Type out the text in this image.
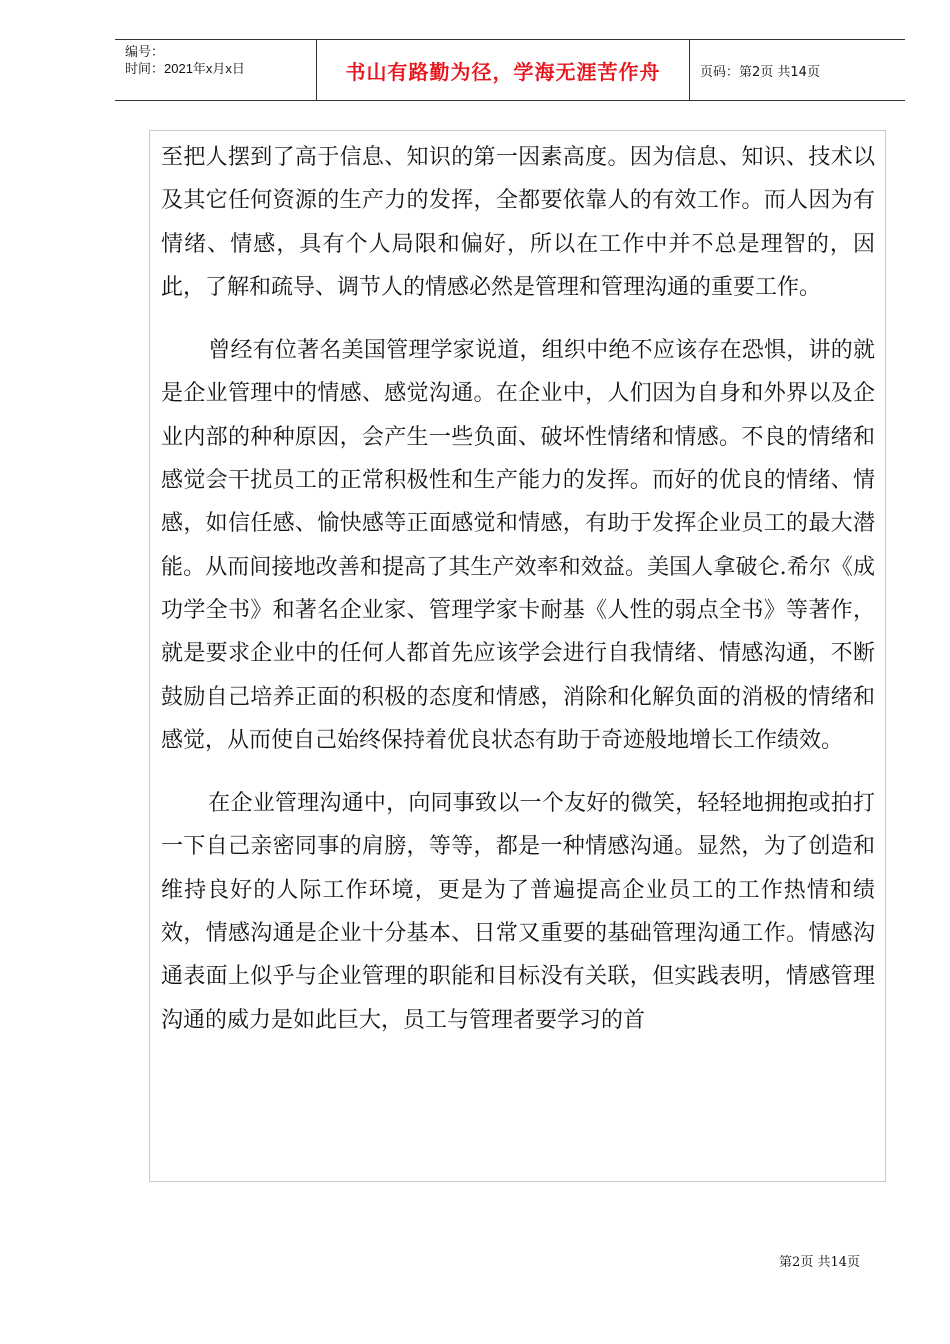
编号：
时间：2021年x月x日	书山有路勤为径，学海无涯苦作舟	页码：第2页 共14页

至把人摆到了高于信息、知识的第一因素高度。因为信息、知识、技术以及其它任何资源的生产力的发挥，全都要依靠人的有效工作。而人因为有情绪、情感，具有个人局限和偏好，所以在工作中并不总是理智的，因此，了解和疏导、调节人的情感必然是管理和管理沟通的重要工作。

曾经有位著名美国管理学家说道，组织中绝不应该存在恐惧，讲的就是企业管理中的情感、感觉沟通。在企业中，人们因为自身和外界以及企业内部的种种原因，会产生一些负面、破坏性情绪和情感。不良的情绪和感觉会干扰员工的正常积极性和生产能力的发挥。而好的优良的情绪、情感，如信任感、愉快感等正面感觉和情感，有助于发挥企业员工的最大潜能。从而间接地改善和提高了其生产效率和效益。美国人拿破仑.希尔《成功学全书》和著名企业家、管理学家卡耐基《人性的弱点全书》等著作，就是要求企业中的任何人都首先应该学会进行自我情绪、情感沟通，不断鼓励自己培养正面的积极的态度和情感，消除和化解负面的消极的情绪和感觉，从而使自己始终保持着优良状态有助于奇迹般地增长工作绩效。

在企业管理沟通中，向同事致以一个友好的微笑，轻轻地拥抱或拍打一下自己亲密同事的肩膀，等等，都是一种情感沟通。显然，为了创造和维持良好的人际工作环境，更是为了普遍提高企业员工的工作热情和绩效，情感沟通是企业十分基本、日常又重要的基础管理沟通工作。情感沟通表面上似乎与企业管理的职能和目标没有关联，但实践表明，情感管理沟通的威力是如此巨大，员工与管理者要学习的首

第2页 共14页
